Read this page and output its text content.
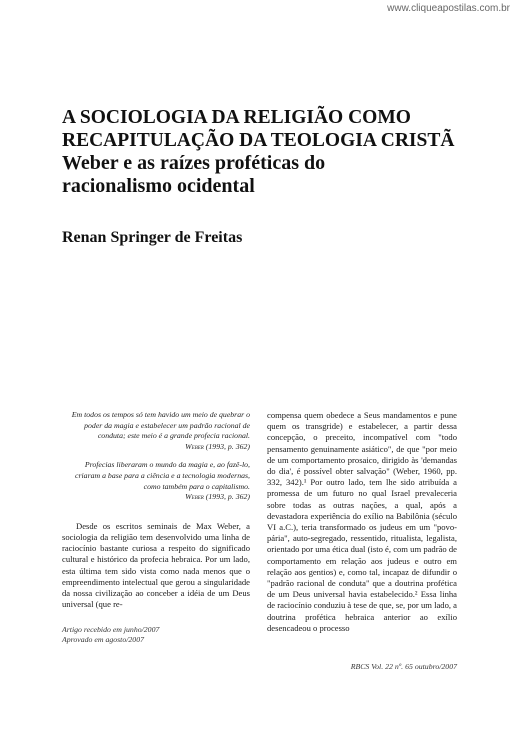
www.cliqueapostilas.com.br
A SOCIOLOGIA DA RELIGIÃO COMO
RECAPITULAÇÃO DA TEOLOGIA CRISTÃ
Weber e as raízes proféticas do
racionalismo ocidental
Renan Springer de Freitas
Em todos os tempos só tem havido um meio de quebrar o poder da magia e estabelecer um padrão racional de conduta; este meio é a grande profecia racional.
Weber (1993, p. 362)
Profecias liberaram o mundo da magia e, ao fazê-lo, criaram a base para a ciência e a tecnologia modernas, como também para o capitalismo.
Weber (1993, p. 362)

Desde os escritos seminais de Max Weber, a sociologia da religião tem desenvolvido uma linha de raciocínio bastante curiosa a respeito do significado cultural e histórico da profecia hebraica. Por um lado, esta última tem sido vista como nada menos que o empreendimento intelectual que gerou a singularidade da nossa civilização ao conceber a idéia de um Deus universal (que re-

compensa quem obedece a Seus mandamentos e pune quem os transgride) e estabelecer, a partir dessa concepção, o preceito, incompatível com "todo pensamento genuinamente asiático", de que "por meio de um comportamento prosaico, dirigido às 'demandas do dia', é possível obter salvação" (Weber, 1960, pp. 332, 342).¹ Por outro lado, tem lhe sido atribuída a promessa de um futuro no qual Israel prevaleceria sobre todas as outras nações, a qual, após a devastadora experiência do exílio na Babilônia (século VI a.C.), teria transformado os judeus em um "povo-pária", auto-segregado, ressentido, ritualista, legalista, orientado por uma ética dual (isto é, com um padrão de comportamento em relação aos judeus e outro em relação aos gentios) e, como tal, incapaz de difundir o "padrão racional de conduta" que a doutrina profética de um Deus universal havia estabelecido.² Essa linha de raciocínio conduziu à tese de que, se, por um lado, a doutrina profética hebraica anterior ao exílio desencadeou o processo

Artigo recebido em junho/2007
Aprovado em agosto/2007
RBCS Vol. 22 nº. 65 outubro/2007
